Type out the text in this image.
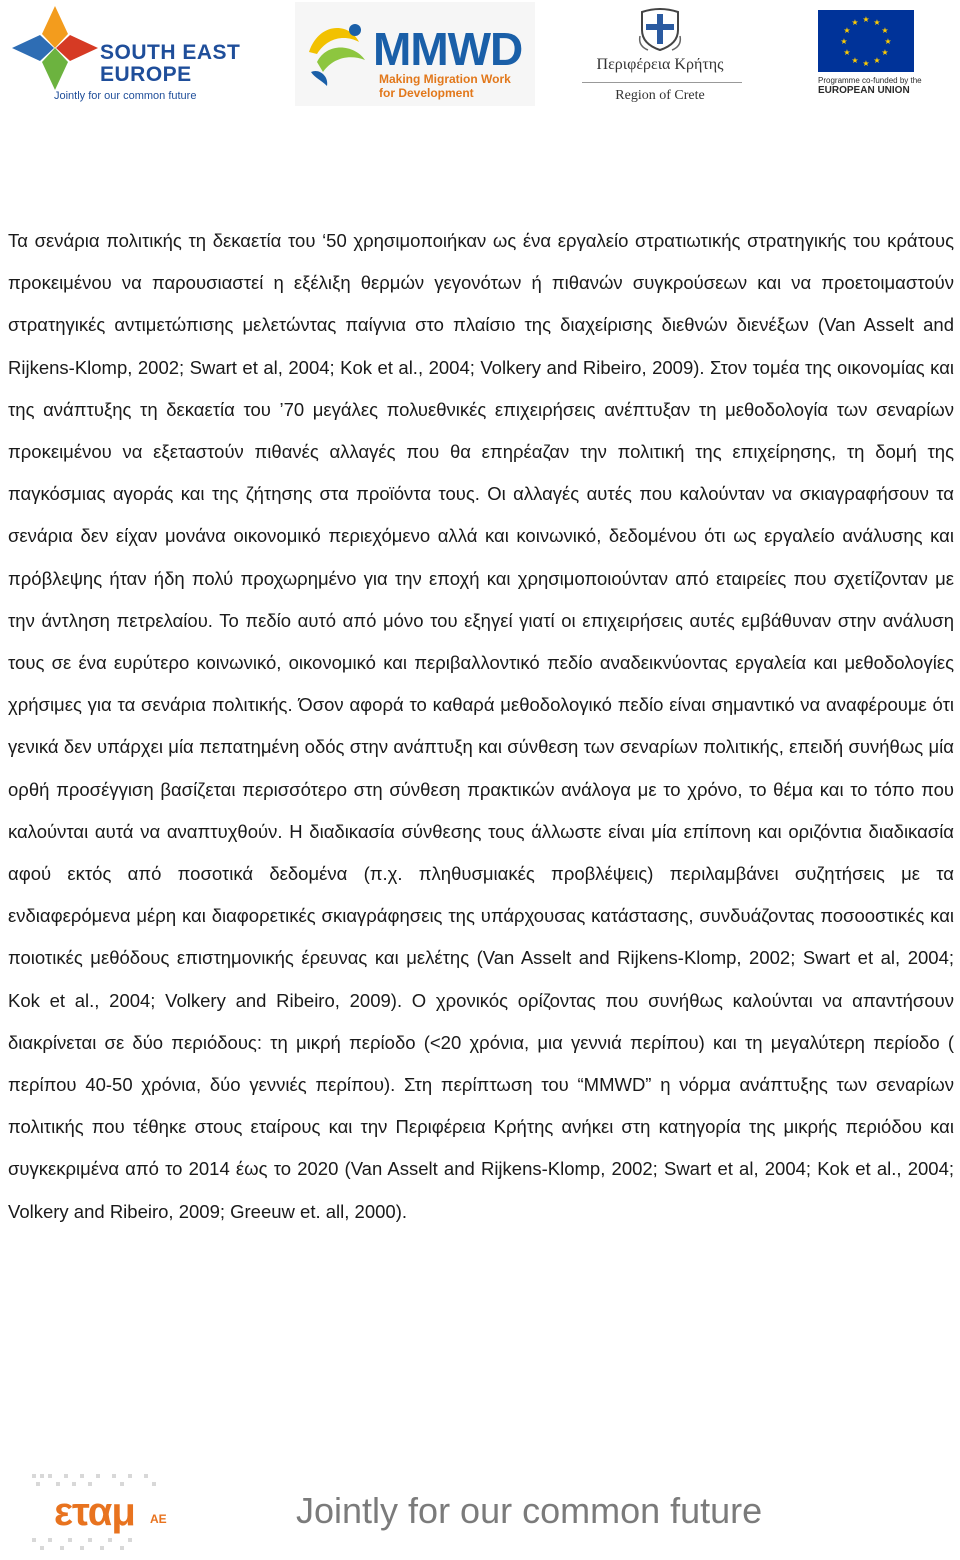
SOUTH EAST
EUROPE
Jointly for our common future
MMWD
Making Migration Work
for Development
Περιφέρεια Κρήτης
Region of Crete
★ ★
★
★
★
★
★
★
★
★
★
★
Programme co-funded by the
EUROPEAN UNION

Τα σενάρια πολιτικής τη δεκαετία του ‘50 χρησιμοποιήκαν ως ένα εργαλείο στρατιωτικής στρατηγικής του κράτους προκειμένου να παρουσιαστεί η εξέλιξη θερμών γεγονότων ή πιθανών συγκρούσεων και να προετοιμαστούν στρατηγικές αντιμετώπισης μελετώντας παίγνια στο πλαίσιο της διαχείρισης διεθνών διενέξων (Van Asselt and Rijkens-Klomp, 2002; Swart et al, 2004; Kok et al., 2004; Volkery and Ribeiro, 2009). Στον τομέα της οικονομίας και της ανάπτυξης τη δεκαετία του ’70 μεγάλες πολυεθνικές επιχειρήσεις ανέπτυξαν τη μεθοδολογία των σεναρίων προκειμένου να εξεταστούν πιθανές αλλαγές που θα επηρέαζαν την πολιτική της επιχείρησης, τη δομή της παγκόσμιας αγοράς και της ζήτησης στα προϊόντα τους. Οι αλλαγές αυτές που καλούνταν να σκιαγραφήσουν τα σενάρια δεν είχαν μονάνα οικονομικό περιεχόμενο αλλά και κοινωνικό, δεδομένου ότι ως εργαλείο ανάλυσης και πρόβλεψης ήταν ήδη πολύ προχωρημένο για την εποχή και χρησιμοποιούνταν από εταιρείες που σχετίζονταν με την άντληση πετρελαίου. Το πεδίο αυτό από μόνο του εξηγεί γιατί οι επιχειρήσεις αυτές εμβάθυναν στην ανάλυση τους σε ένα ευρύτερο κοινωνικό, οικονομικό και περιβαλλοντικό πεδίο αναδεικνύοντας εργαλεία και μεθοδολογίες χρήσιμες για τα σενάρια πολιτικής. Όσον αφορά το καθαρά μεθοδολογικό πεδίο είναι σημαντικό να αναφέρουμε ότι γενικά δεν υπάρχει μία πεπατημένη οδός στην ανάπτυξη και σύνθεση των σεναρίων πολιτικής, επειδή συνήθως μία ορθή προσέγγιση βασίζεται περισσότερο στη σύνθεση πρακτικών ανάλογα με το χρόνο, το θέμα και το τόπο που καλούνται αυτά να αναπτυχθούν. Η διαδικασία σύνθεσης τους άλλωστε είναι μία επίπονη και οριζόντια διαδικασία αφού εκτός από ποσοτικά δεδομένα (π.χ. πληθυσμιακές προβλέψεις) περιλαμβάνει συζητήσεις με τα ενδιαφερόμενα μέρη και διαφορετικές σκιαγράφησεις της υπάρχουσας κατάστασης, συνδυάζοντας ποσοοστικές και ποιοτικές μεθόδους επιστημονικής έρευνας και μελέτης (Van Asselt and Rijkens-Klomp, 2002; Swart et al, 2004; Kok et al., 2004; Volkery and Ribeiro, 2009). Ο χρονικός ορίζοντας που συνήθως καλούνται να απαντήσουν διακρίνεται σε δύο περιόδους: τη μικρή περίοδο (<20 χρόνια, μια γεννιά περίπου) και τη μεγαλύτερη περίοδο ( περίπου 40-50 χρόνια, δύο γεννιές περίπου). Στη περίπτωση του “MMWD” η νόρμα ανάπτυξης των σεναρίων πολιτικής που τέθηκε στους εταίρους και την Περιφέρεια Κρήτης ανήκει στη κατηγορία της μικρής περιόδου και συγκεκριμένα από το 2014 έως το 2020 (Van Asselt and Rijkens-Klomp, 2002; Swart et al, 2004; Kok et al., 2004; Volkery and Ribeiro, 2009; Greeuw et. all, 2000).

εταμ ΑΕ	Jointly for our common future
